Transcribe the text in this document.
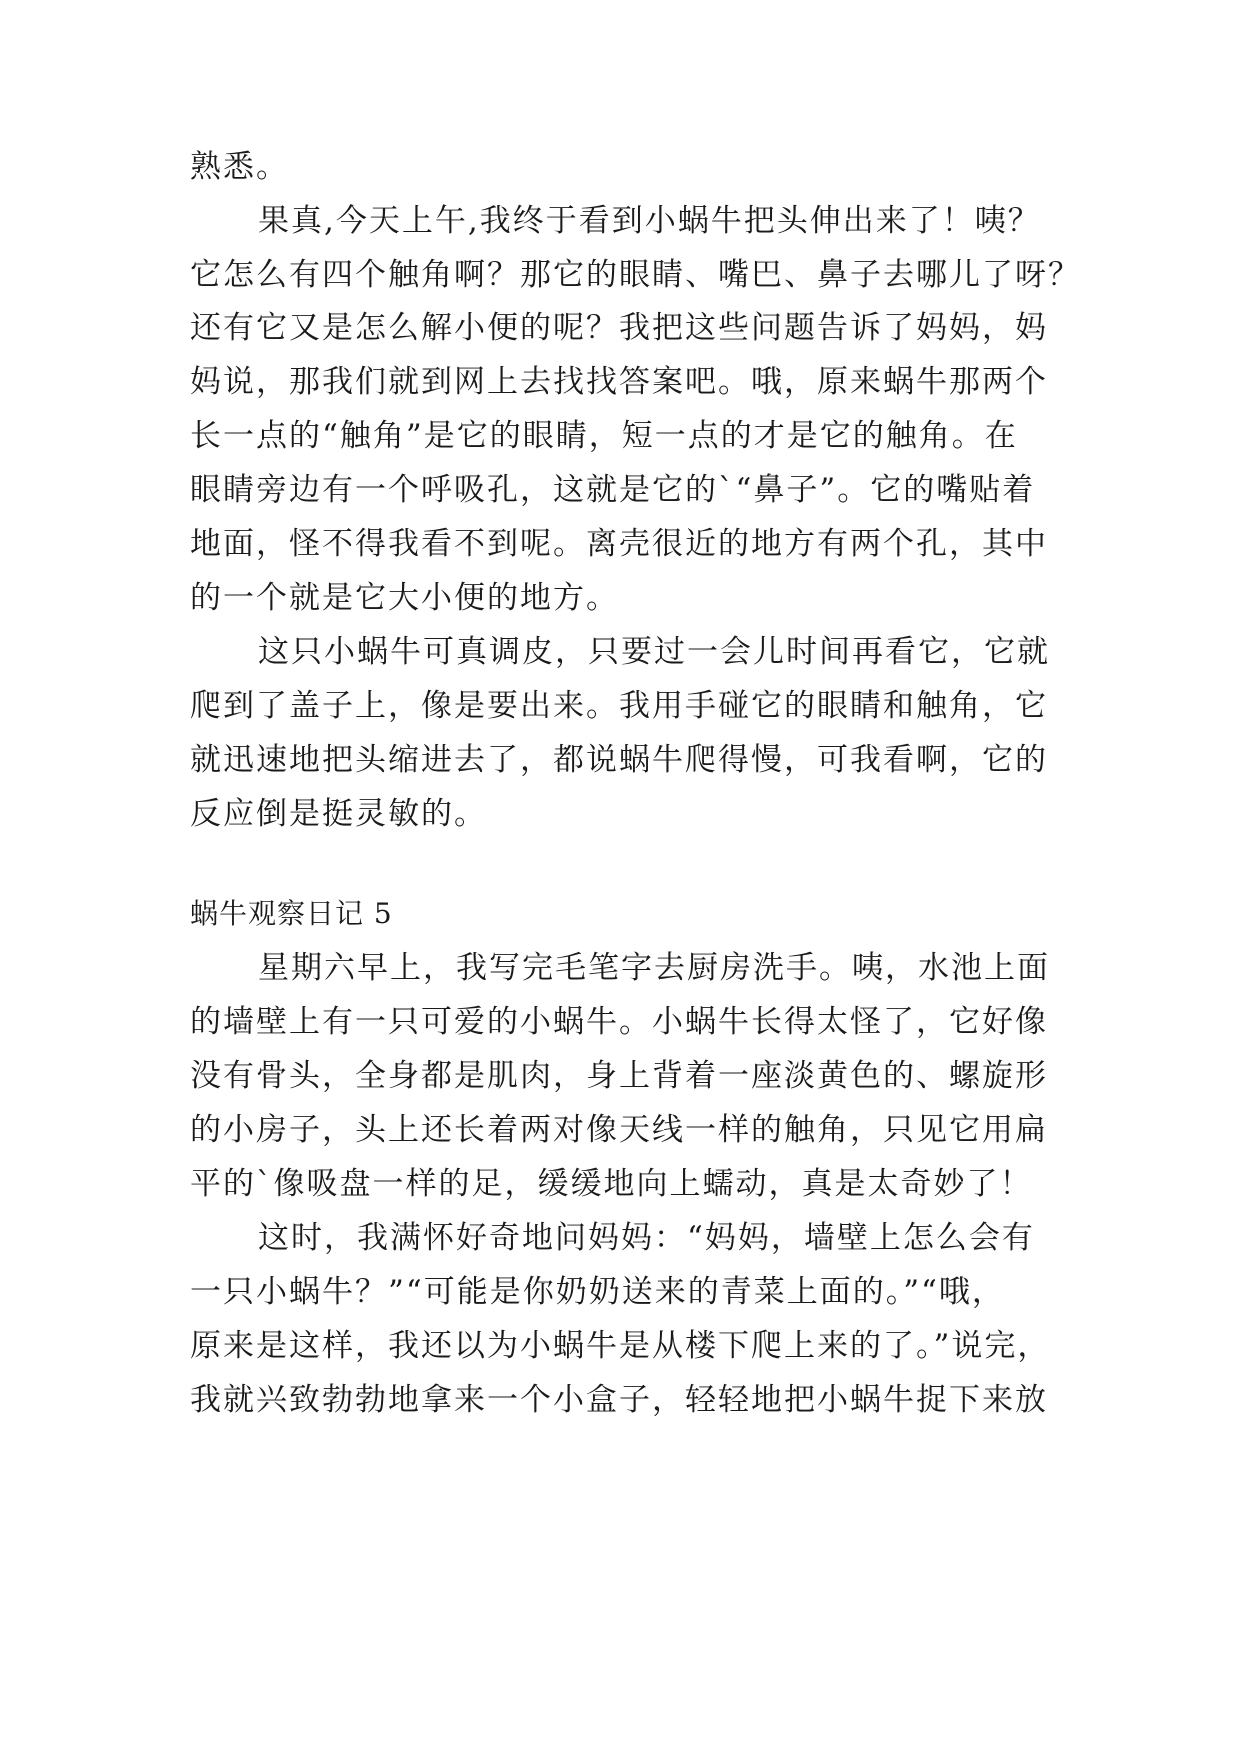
熟悉。
果真,今天上午,我终于看到小蜗牛把头伸出来了！咦？
它怎么有四个触角啊？那它的眼睛、嘴巴、鼻子去哪儿了呀？
还有它又是怎么解小便的呢？我把这些问题告诉了妈妈，妈
妈说，那我们就到网上去找找答案吧。哦，原来蜗牛那两个
长一点的“触角”是它的眼睛，短一点的才是它的触角。在
眼睛旁边有一个呼吸孔，这就是它的`“鼻子”。它的嘴贴着
地面，怪不得我看不到呢。离壳很近的地方有两个孔，其中
的一个就是它大小便的地方。
这只小蜗牛可真调皮，只要过一会儿时间再看它，它就
爬到了盖子上，像是要出来。我用手碰它的眼睛和触角，它
就迅速地把头缩进去了，都说蜗牛爬得慢，可我看啊，它的
反应倒是挺灵敏的。
蜗牛观察日记 5
星期六早上，我写完毛笔字去厨房洗手。咦，水池上面
的墙壁上有一只可爱的小蜗牛。小蜗牛长得太怪了，它好像
没有骨头，全身都是肌肉，身上背着一座淡黄色的、螺旋形
的小房子，头上还长着两对像天线一样的触角，只见它用扁
平的`像吸盘一样的足，缓缓地向上蠕动，真是太奇妙了！
这时，我满怀好奇地问妈妈：“妈妈，墙壁上怎么会有
一只小蜗牛？”“可能是你奶奶送来的青菜上面的。”“哦，
原来是这样，我还以为小蜗牛是从楼下爬上来的了。”说完，
我就兴致勃勃地拿来一个小盒子，轻轻地把小蜗牛捉下来放
